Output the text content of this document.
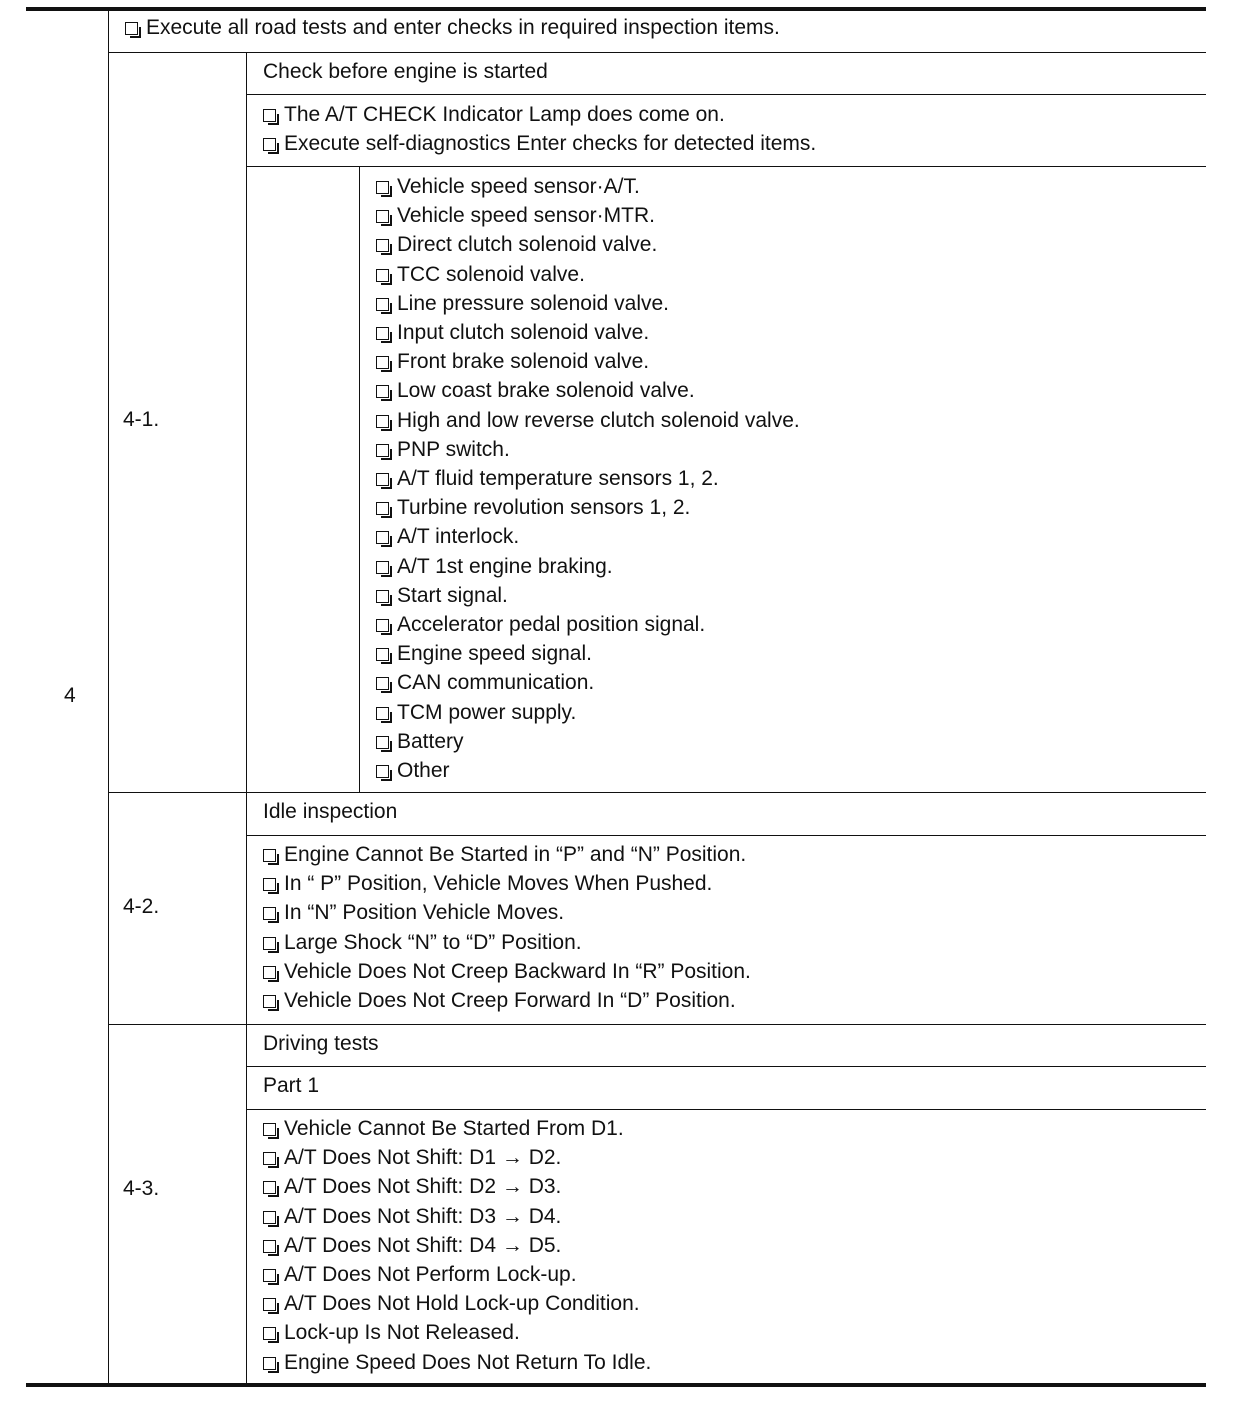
4
Execute all road tests and enter checks in required inspection items.
4-1.
Check before engine is started
The A/T CHECK Indicator Lamp does come on.
Execute self-diagnostics Enter checks for detected items.
Vehicle speed sensor·A/T.
Vehicle speed sensor·MTR.
Direct clutch solenoid valve.
TCC solenoid valve.
Line pressure solenoid valve.
Input clutch solenoid valve.
Front brake solenoid valve.
Low coast brake solenoid valve.
High and low reverse clutch solenoid valve.
PNP switch.
A/T fluid temperature sensors 1, 2.
Turbine revolution sensors 1, 2.
A/T interlock.
A/T 1st engine braking.
Start signal.
Accelerator pedal position signal.
Engine speed signal.
CAN communication.
TCM power supply.
Battery
Other
4-2.
Idle inspection
Engine Cannot Be Started in “P” and “N” Position.
In “ P” Position, Vehicle Moves When Pushed.
In “N” Position Vehicle Moves.
Large Shock “N” to “D” Position.
Vehicle Does Not Creep Backward In “R” Position.
Vehicle Does Not Creep Forward In “D” Position.
4-3.
Driving tests
Part 1
Vehicle Cannot Be Started From D1.
A/T Does Not Shift: D1 → D2.
A/T Does Not Shift: D2 → D3.
A/T Does Not Shift: D3 → D4.
A/T Does Not Shift: D4 → D5.
A/T Does Not Perform Lock-up.
A/T Does Not Hold Lock-up Condition.
Lock-up Is Not Released.
Engine Speed Does Not Return To Idle.
